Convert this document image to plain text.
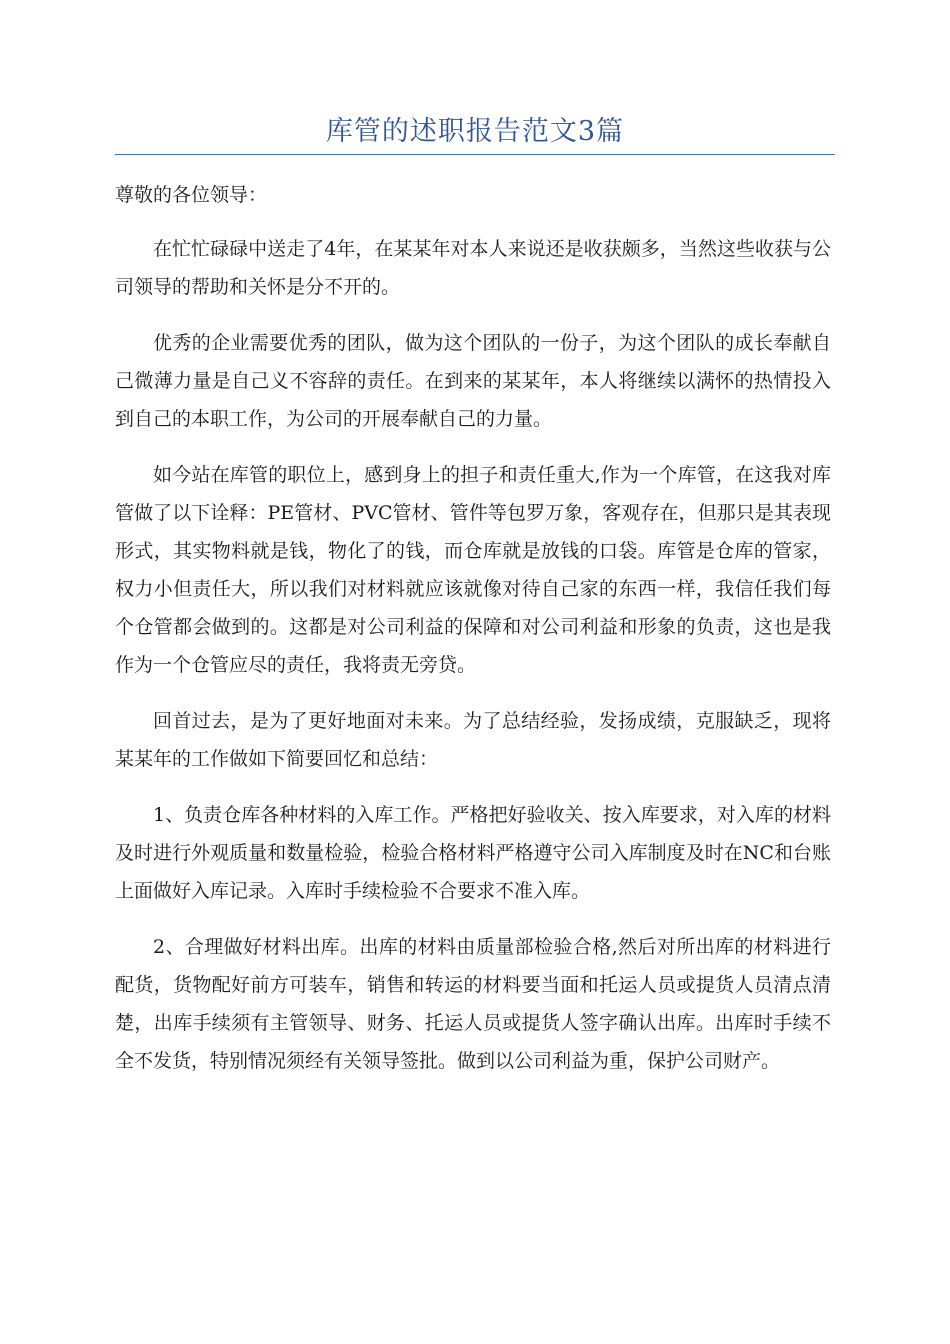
库管的述职报告范文3篇

尊敬的各位领导：

在忙忙碌碌中送走了4年，在某某年对本人来说还是收获颇多，当然这些收获与公司领导的帮助和关怀是分不开的。

优秀的企业需要优秀的团队，做为这个团队的一份子，为这个团队的成长奉献自己微薄力量是自己义不容辞的责任。在到来的某某年，本人将继续以满怀的热情投入到自己的本职工作，为公司的开展奉献自己的力量。

如今站在库管的职位上，感到身上的担子和责任重大,作为一个库管，在这我对库管做了以下诠释：PE管材、PVC管材、管件等包罗万象，客观存在，但那只是其表现形式，其实物料就是钱，物化了的钱，而仓库就是放钱的口袋。库管是仓库的管家，权力小但责任大，所以我们对材料就应该就像对待自己家的东西一样，我信任我们每个仓管都会做到的。这都是对公司利益的保障和对公司利益和形象的负责，这也是我作为一个仓管应尽的责任，我将责无旁贷。

回首过去，是为了更好地面对未来。为了总结经验，发扬成绩，克服缺乏，现将某某年的工作做如下简要回忆和总结：

1、负责仓库各种材料的入库工作。严格把好验收关、按入库要求，对入库的材料及时进行外观质量和数量检验，检验合格材料严格遵守公司入库制度及时在NC和台账上面做好入库记录。入库时手续检验不合要求不准入库。

2、合理做好材料出库。出库的材料由质量部检验合格,然后对所出库的材料进行配货，货物配好前方可装车，销售和转运的材料要当面和托运人员或提货人员清点清楚，出库手续须有主管领导、财务、托运人员或提货人签字确认出库。出库时手续不全不发货，特别情况须经有关领导签批。做到以公司利益为重，保护公司财产。
